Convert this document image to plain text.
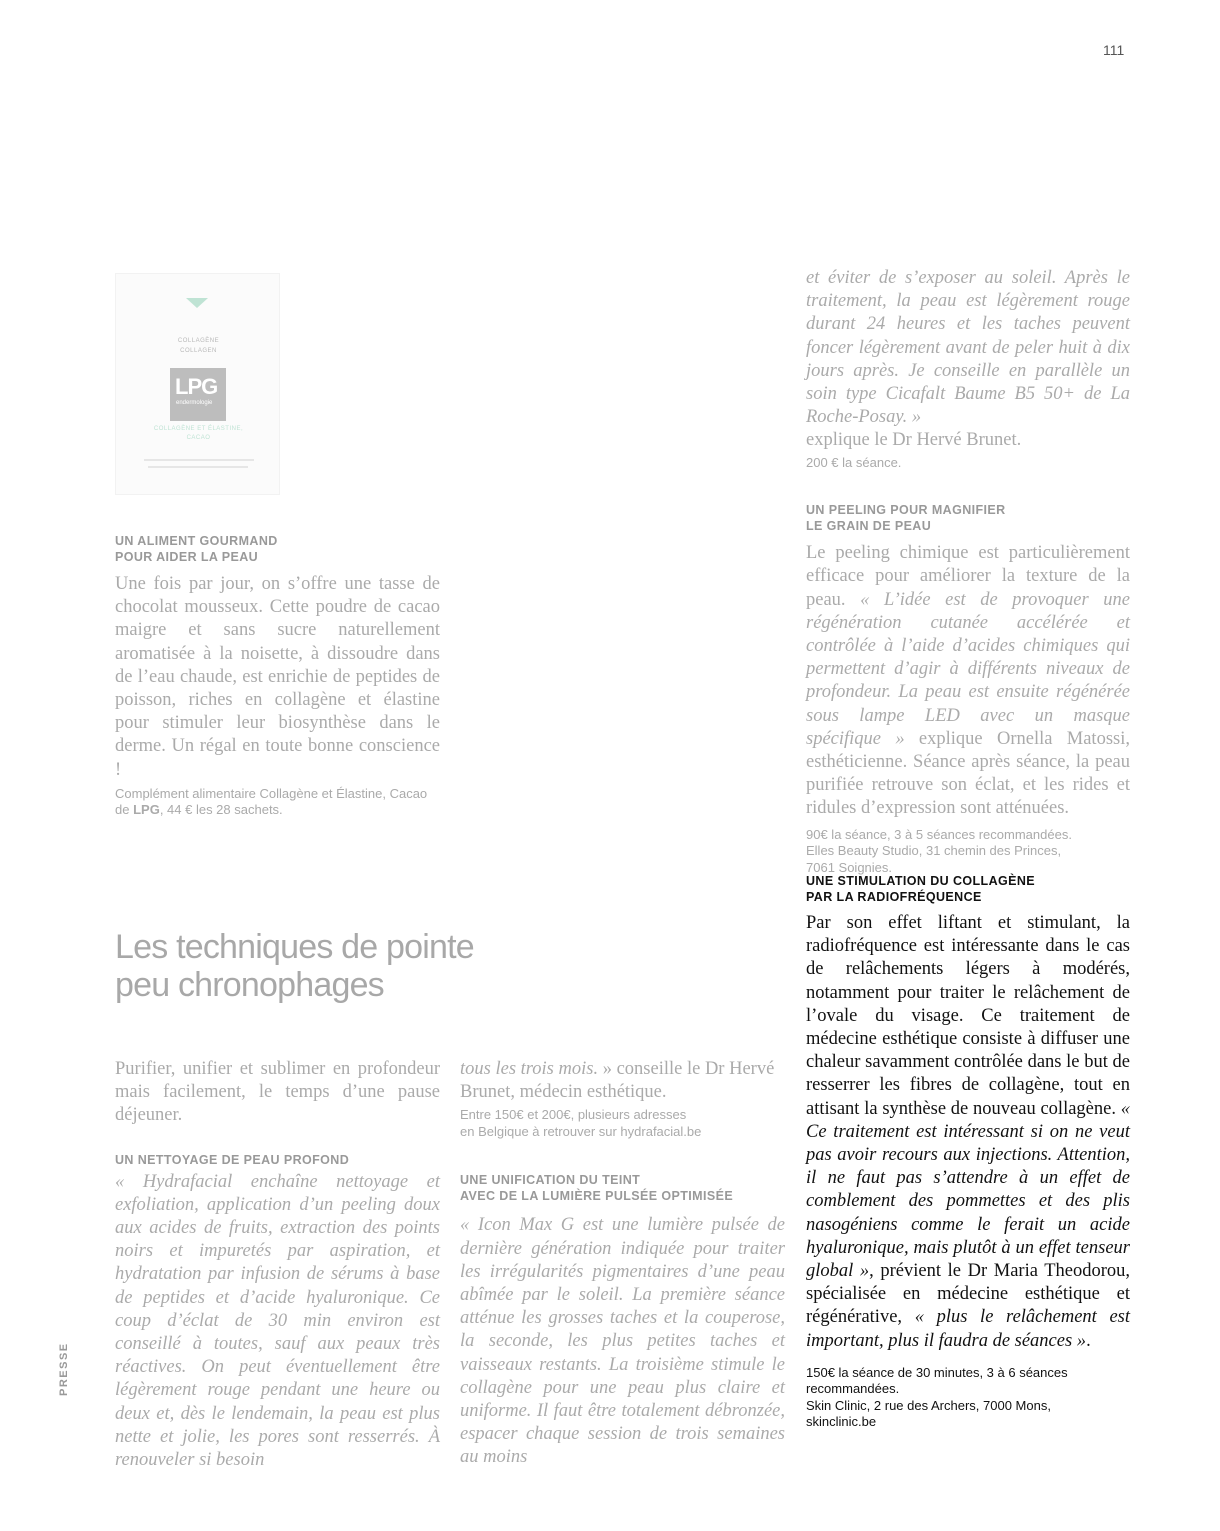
111
PRESSE
COLLAGÈNE
COLLAGEN
LPG
endermologie
COLLAGÈNE ET ÉLASTINE,
CACAO

UN ALIMENT GOURMAND

POUR AIDER LA PEAU

Une fois par jour, on s’offre une tasse de chocolat mousseux. Cette poudre de cacao maigre et sans sucre naturellement aromatisée à la noisette, à dissoudre dans de l’eau chaude, est enrichie de peptides de poisson, riches en collagène et élastine pour stimuler leur biosynthèse dans le derme. Un régal en toute bonne conscience !

Complément alimentaire Collagène et Élastine, Cacao de LPG, 44 € les 28 sachets.

Les techniques de pointe
peu chronophages

Purifier, unifier et sublimer en profondeur mais facilement, le temps d’une pause déjeuner.

UN NETTOYAGE DE PEAU PROFOND

« Hydrafacial enchaîne nettoyage et exfoliation, application d’un peeling doux aux acides de fruits, extraction des points noirs et impuretés par aspiration, et hydratation par infusion de sérums à base de peptides et d’acide hyaluronique. Ce coup d’éclat de 30 min environ est conseillé à toutes, sauf aux peaux très réactives. On peut éventuellement être légèrement rouge pendant une heure ou deux et, dès le lendemain, la peau est plus nette et jolie, les pores sont resserrés. À renouveler si besoin

tous les trois mois. » conseille le Dr Hervé Brunet, médecin esthétique.

Entre 150€ et 200€, plusieurs adresses

en Belgique à retrouver sur hydrafacial.be

UNE UNIFICATION DU TEINT

AVEC DE LA LUMIÈRE PULSÉE OPTIMISÉE

« Icon Max G est une lumière pulsée de dernière génération indiquée pour traiter les irrégularités pigmentaires d’une peau abîmée par le soleil. La première séance atténue les grosses taches et la couperose, la seconde, les plus petites taches et vaisseaux restants. La troisième stimule le collagène pour une peau plus claire et uniforme. Il faut être totalement débronzée, espacer chaque session de trois semaines au moins

et éviter de s’exposer au soleil. Après le traitement, la peau est légèrement rouge durant 24 heures et les taches peuvent foncer légèrement avant de peler huit à dix jours après. Je conseille en parallèle un soin type Cicafalt Baume B5 50+ de La Roche-Posay. »

explique le Dr Hervé Brunet.

200 € la séance.

UN PEELING POUR MAGNIFIER

LE GRAIN DE PEAU

Le peeling chimique est particulièrement efficace pour améliorer la texture de la peau. « L’idée est de provoquer une régénération cutanée accélérée et contrôlée à l’aide d’acides chimiques qui permettent d’agir à différents niveaux de profondeur. La peau est ensuite régénérée sous lampe LED avec un masque spécifique » explique Ornella Matossi, esthéticienne. Séance après séance, la peau purifiée retrouve son éclat, et les rides et ridules d’expression sont atténuées.

90€ la séance, 3 à 5 séances recommandées.

Elles Beauty Studio, 31 chemin des Princes,

7061 Soignies.

UNE STIMULATION DU COLLAGÈNE

PAR LA RADIOFRÉQUENCE

Par son effet liftant et stimulant, la radiofréquence est intéressante dans le cas de relâchements légers à modérés, notamment pour traiter le relâchement de l’ovale du visage. Ce traitement de médecine esthétique consiste à diffuser une chaleur savamment contrôlée dans le but de resserrer les fibres de collagène, tout en attisant la synthèse de nouveau collagène. « Ce traitement est intéressant si on ne veut pas avoir recours aux injections. Attention, il ne faut pas s’attendre à un effet de comblement des pommettes et des plis nasogéniens comme le ferait un acide hyaluronique, mais plutôt à un effet tenseur global », prévient le Dr Maria Theodorou, spécialisée en médecine esthétique et régénérative, « plus le relâchement est important, plus il faudra de séances ».

150€ la séance de 30 minutes, 3 à 6 séances

recommandées.

Skin Clinic, 2 rue des Archers, 7000 Mons,

skinclinic.be
